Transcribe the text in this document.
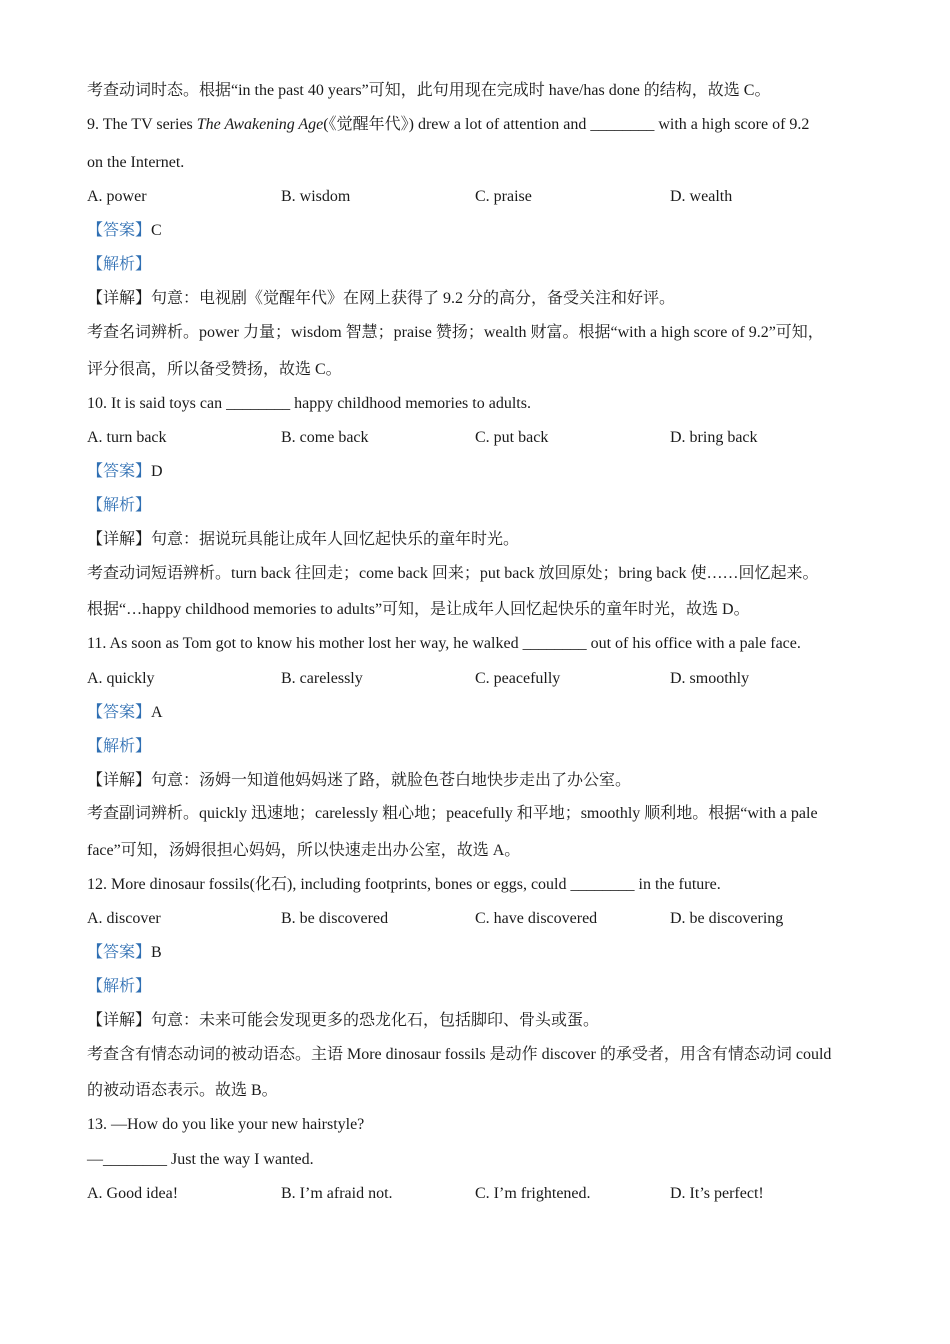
考查动词时态。根据“in the past 40 years”可知，此句用现在完成时 have/has done 的结构，故选 C。
9. The TV series The Awakening Age(《觉醒年代》) drew a lot of attention and ________ with a high score of 9.2
on the Internet.
A. power	B. wisdom	C. praise	D. wealth
【答案】C
【解析】
【详解】句意：电视剧《觉醒年代》在网上获得了 9.2 分的高分，备受关注和好评。
考查名词辨析。power 力量；wisdom 智慧；praise 赞扬；wealth 财富。根据“with a high score of 9.2”可知，
评分很高，所以备受赞扬，故选 C。
10. It is said toys can ________ happy childhood memories to adults.
A. turn back	B. come back	C. put back	D. bring back
【答案】D
【解析】
【详解】句意：据说玩具能让成年人回忆起快乐的童年时光。
考查动词短语辨析。turn back 往回走；come back 回来；put back 放回原处；bring back 使……回忆起来。
根据“…happy childhood memories to adults”可知，是让成年人回忆起快乐的童年时光，故选 D。
11. As soon as Tom got to know his mother lost her way, he walked ________ out of his office with a pale face.
A. quickly	B. carelessly	C. peacefully	D. smoothly
【答案】A
【解析】
【详解】句意：汤姆一知道他妈妈迷了路，就脸色苍白地快步走出了办公室。
考查副词辨析。quickly 迅速地；carelessly 粗心地；peacefully 和平地；smoothly 顺利地。根据“with a pale
face”可知，汤姆很担心妈妈，所以快速走出办公室，故选 A。
12. More dinosaur fossils(化石), including footprints, bones or eggs, could ________ in the future.
A. discover	B. be discovered	C. have discovered	D. be discovering
【答案】B
【解析】
【详解】句意：未来可能会发现更多的恐龙化石，包括脚印、骨头或蛋。
考查含有情态动词的被动语态。主语 More dinosaur fossils 是动作 discover 的承受者，用含有情态动词 could
的被动语态表示。故选 B。
13. —How do you like your new hairstyle?
—________ Just the way I wanted.
A. Good idea!	B. I’m afraid not.	C. I’m frightened.	D. It’s perfect!
